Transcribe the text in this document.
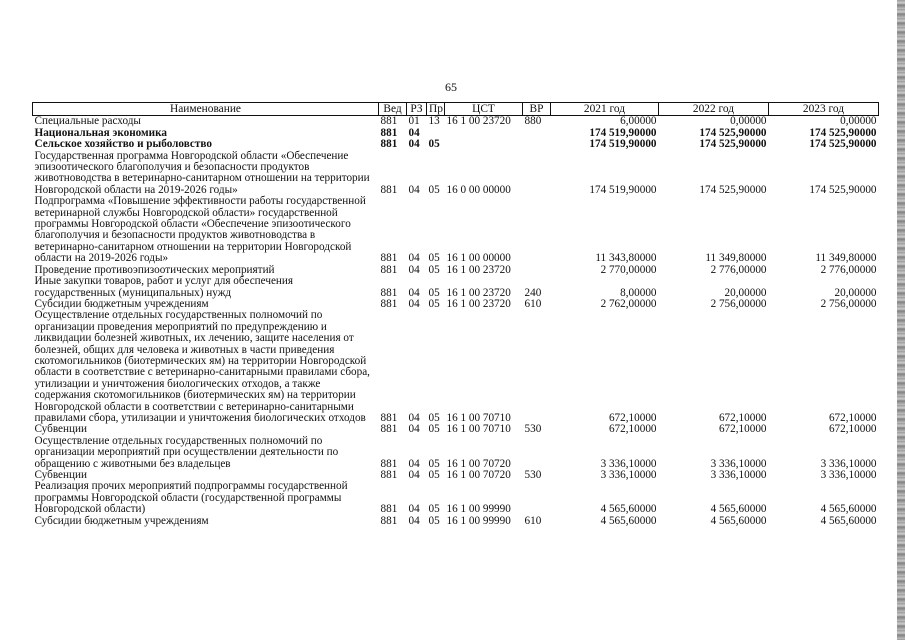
65
Наименование	Вед	РЗ	Пр	ЦСТ	ВР	2021 год	2022 год	2023 год
Специальные расходы	881	01	13	16 1 00 23720	880	6,00000	0,00000	0,00000
Национальная экономика	881	04				174 519,90000	174 525,90000	174 525,90000
Сельское хозяйство и рыболовство	881	04	05			174 519,90000	174 525,90000	174 525,90000
Государственная программа Новгородской области «Обеспечение эпизоотического благополучия и безопасности продуктов животноводства в ветеринарно-санитарном отношении на территории Новгородской области на 2019-2026 годы»	881	04	05	16 0 00 00000		174 519,90000	174 525,90000	174 525,90000
Подпрограмма «Повышение эффективности работы государственной ветеринарной службы Новгородской области» государственной программы Новгородской области «Обеспечение эпизоотического благополучия и безопасности продуктов животноводства в ветеринарно-санитарном отношении на территории Новгородской области на 2019-2026 годы»	881	04	05	16 1 00 00000		11 343,80000	11 349,80000	11 349,80000
Проведение противоэпизоотических мероприятий	881	04	05	16 1 00 23720		2 770,00000	2 776,00000	2 776,00000
Иные закупки товаров, работ и услуг для обеспечения государственных (муниципальных) нужд	881	04	05	16 1 00 23720	240	8,00000	20,00000	20,00000
Субсидии бюджетным учреждениям	881	04	05	16 1 00 23720	610	2 762,00000	2 756,00000	2 756,00000
Осуществление отдельных государственных полномочий по организации проведения мероприятий по предупреждению и ликвидации болезней животных, их лечению, защите населения от болезней, общих для человека и животных в части приведения скотомогильников (биотермических ям) на территории Новгородской области в соответствие с ветеринарно-санитарными правилами сбора, утилизации и уничтожения биологических отходов, а также содержания скотомогильников (биотермических ям) на территории Новгородской области в соответствии с ветеринарно-санитарными правилами сбора, утилизации и уничтожения биологических отходов	881	04	05	16 1 00 70710		672,10000	672,10000	672,10000
Субвенции	881	04	05	16 1 00 70710	530	672,10000	672,10000	672,10000
Осуществление отдельных государственных полномочий по организации мероприятий при осуществлении деятельности по обращению с животными без владельцев	881	04	05	16 1 00 70720		3 336,10000	3 336,10000	3 336,10000
Субвенции	881	04	05	16 1 00 70720	530	3 336,10000	3 336,10000	3 336,10000
Реализация прочих мероприятий подпрограммы государственной программы Новгородской области (государственной программы Новгородской области)	881	04	05	16 1 00 99990		4 565,60000	4 565,60000	4 565,60000
Субсидии бюджетным учреждениям	881	04	05	16 1 00 99990	610	4 565,60000	4 565,60000	4 565,60000
